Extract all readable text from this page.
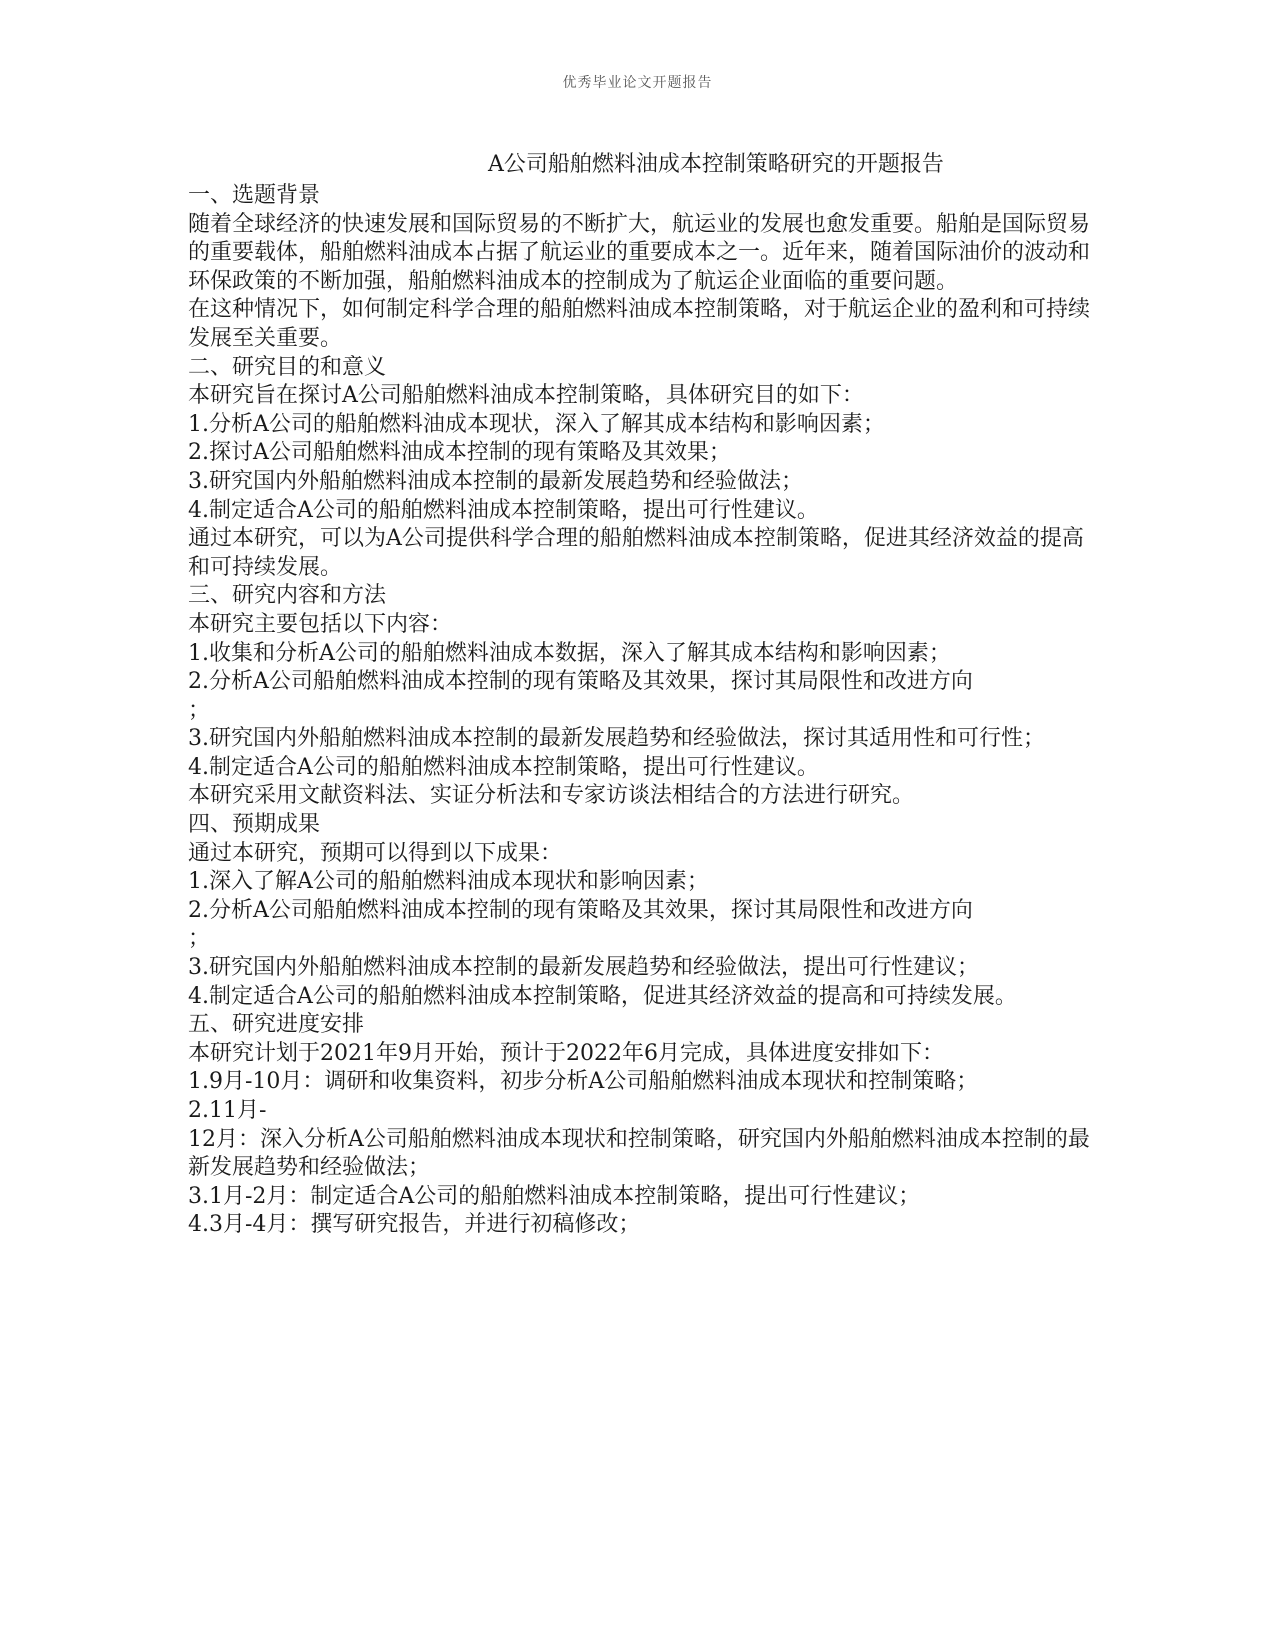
优秀毕业论文开题报告
A公司船舶燃料油成本控制策略研究的开题报告

一、选题背景

随着全球经济的快速发展和国际贸易的不断扩大，航运业的发展也愈发重要。船舶是国际贸易的重要载体，船舶燃料油成本占据了航运业的重要成本之一。近年来，随着国际油价的波动和环保政策的不断加强，船舶燃料油成本的控制成为了航运企业面临的重要问题。

在这种情况下，如何制定科学合理的船舶燃料油成本控制策略，对于航运企业的盈利和可持续发展至关重要。

二、研究目的和意义

本研究旨在探讨A公司船舶燃料油成本控制策略，具体研究目的如下：

1.分析A公司的船舶燃料油成本现状，深入了解其成本结构和影响因素；

2.探讨A公司船舶燃料油成本控制的现有策略及其效果；

3.研究国内外船舶燃料油成本控制的最新发展趋势和经验做法；

4.制定适合A公司的船舶燃料油成本控制策略，提出可行性建议。

通过本研究，可以为A公司提供科学合理的船舶燃料油成本控制策略，促进其经济效益的提高和可持续发展。

三、研究内容和方法

本研究主要包括以下内容：

1.收集和分析A公司的船舶燃料油成本数据，深入了解其成本结构和影响因素；

2.分析A公司船舶燃料油成本控制的现有策略及其效果，探讨其局限性和改进方向

；

3.研究国内外船舶燃料油成本控制的最新发展趋势和经验做法，探讨其适用性和可行性；

4.制定适合A公司的船舶燃料油成本控制策略，提出可行性建议。

本研究采用文献资料法、实证分析法和专家访谈法相结合的方法进行研究。

四、预期成果

通过本研究，预期可以得到以下成果：

1.深入了解A公司的船舶燃料油成本现状和影响因素；

2.分析A公司船舶燃料油成本控制的现有策略及其效果，探讨其局限性和改进方向

；

3.研究国内外船舶燃料油成本控制的最新发展趋势和经验做法，提出可行性建议；

4.制定适合A公司的船舶燃料油成本控制策略，促进其经济效益的提高和可持续发展。

五、研究进度安排

本研究计划于2021年9月开始，预计于2022年6月完成，具体进度安排如下：

1.9月-10月：调研和收集资料，初步分析A公司船舶燃料油成本现状和控制策略；

2.11月-

12月：深入分析A公司船舶燃料油成本现状和控制策略，研究国内外船舶燃料油成本控制的最新发展趋势和经验做法；

3.1月-2月：制定适合A公司的船舶燃料油成本控制策略，提出可行性建议；

4.3月-4月：撰写研究报告，并进行初稿修改；
